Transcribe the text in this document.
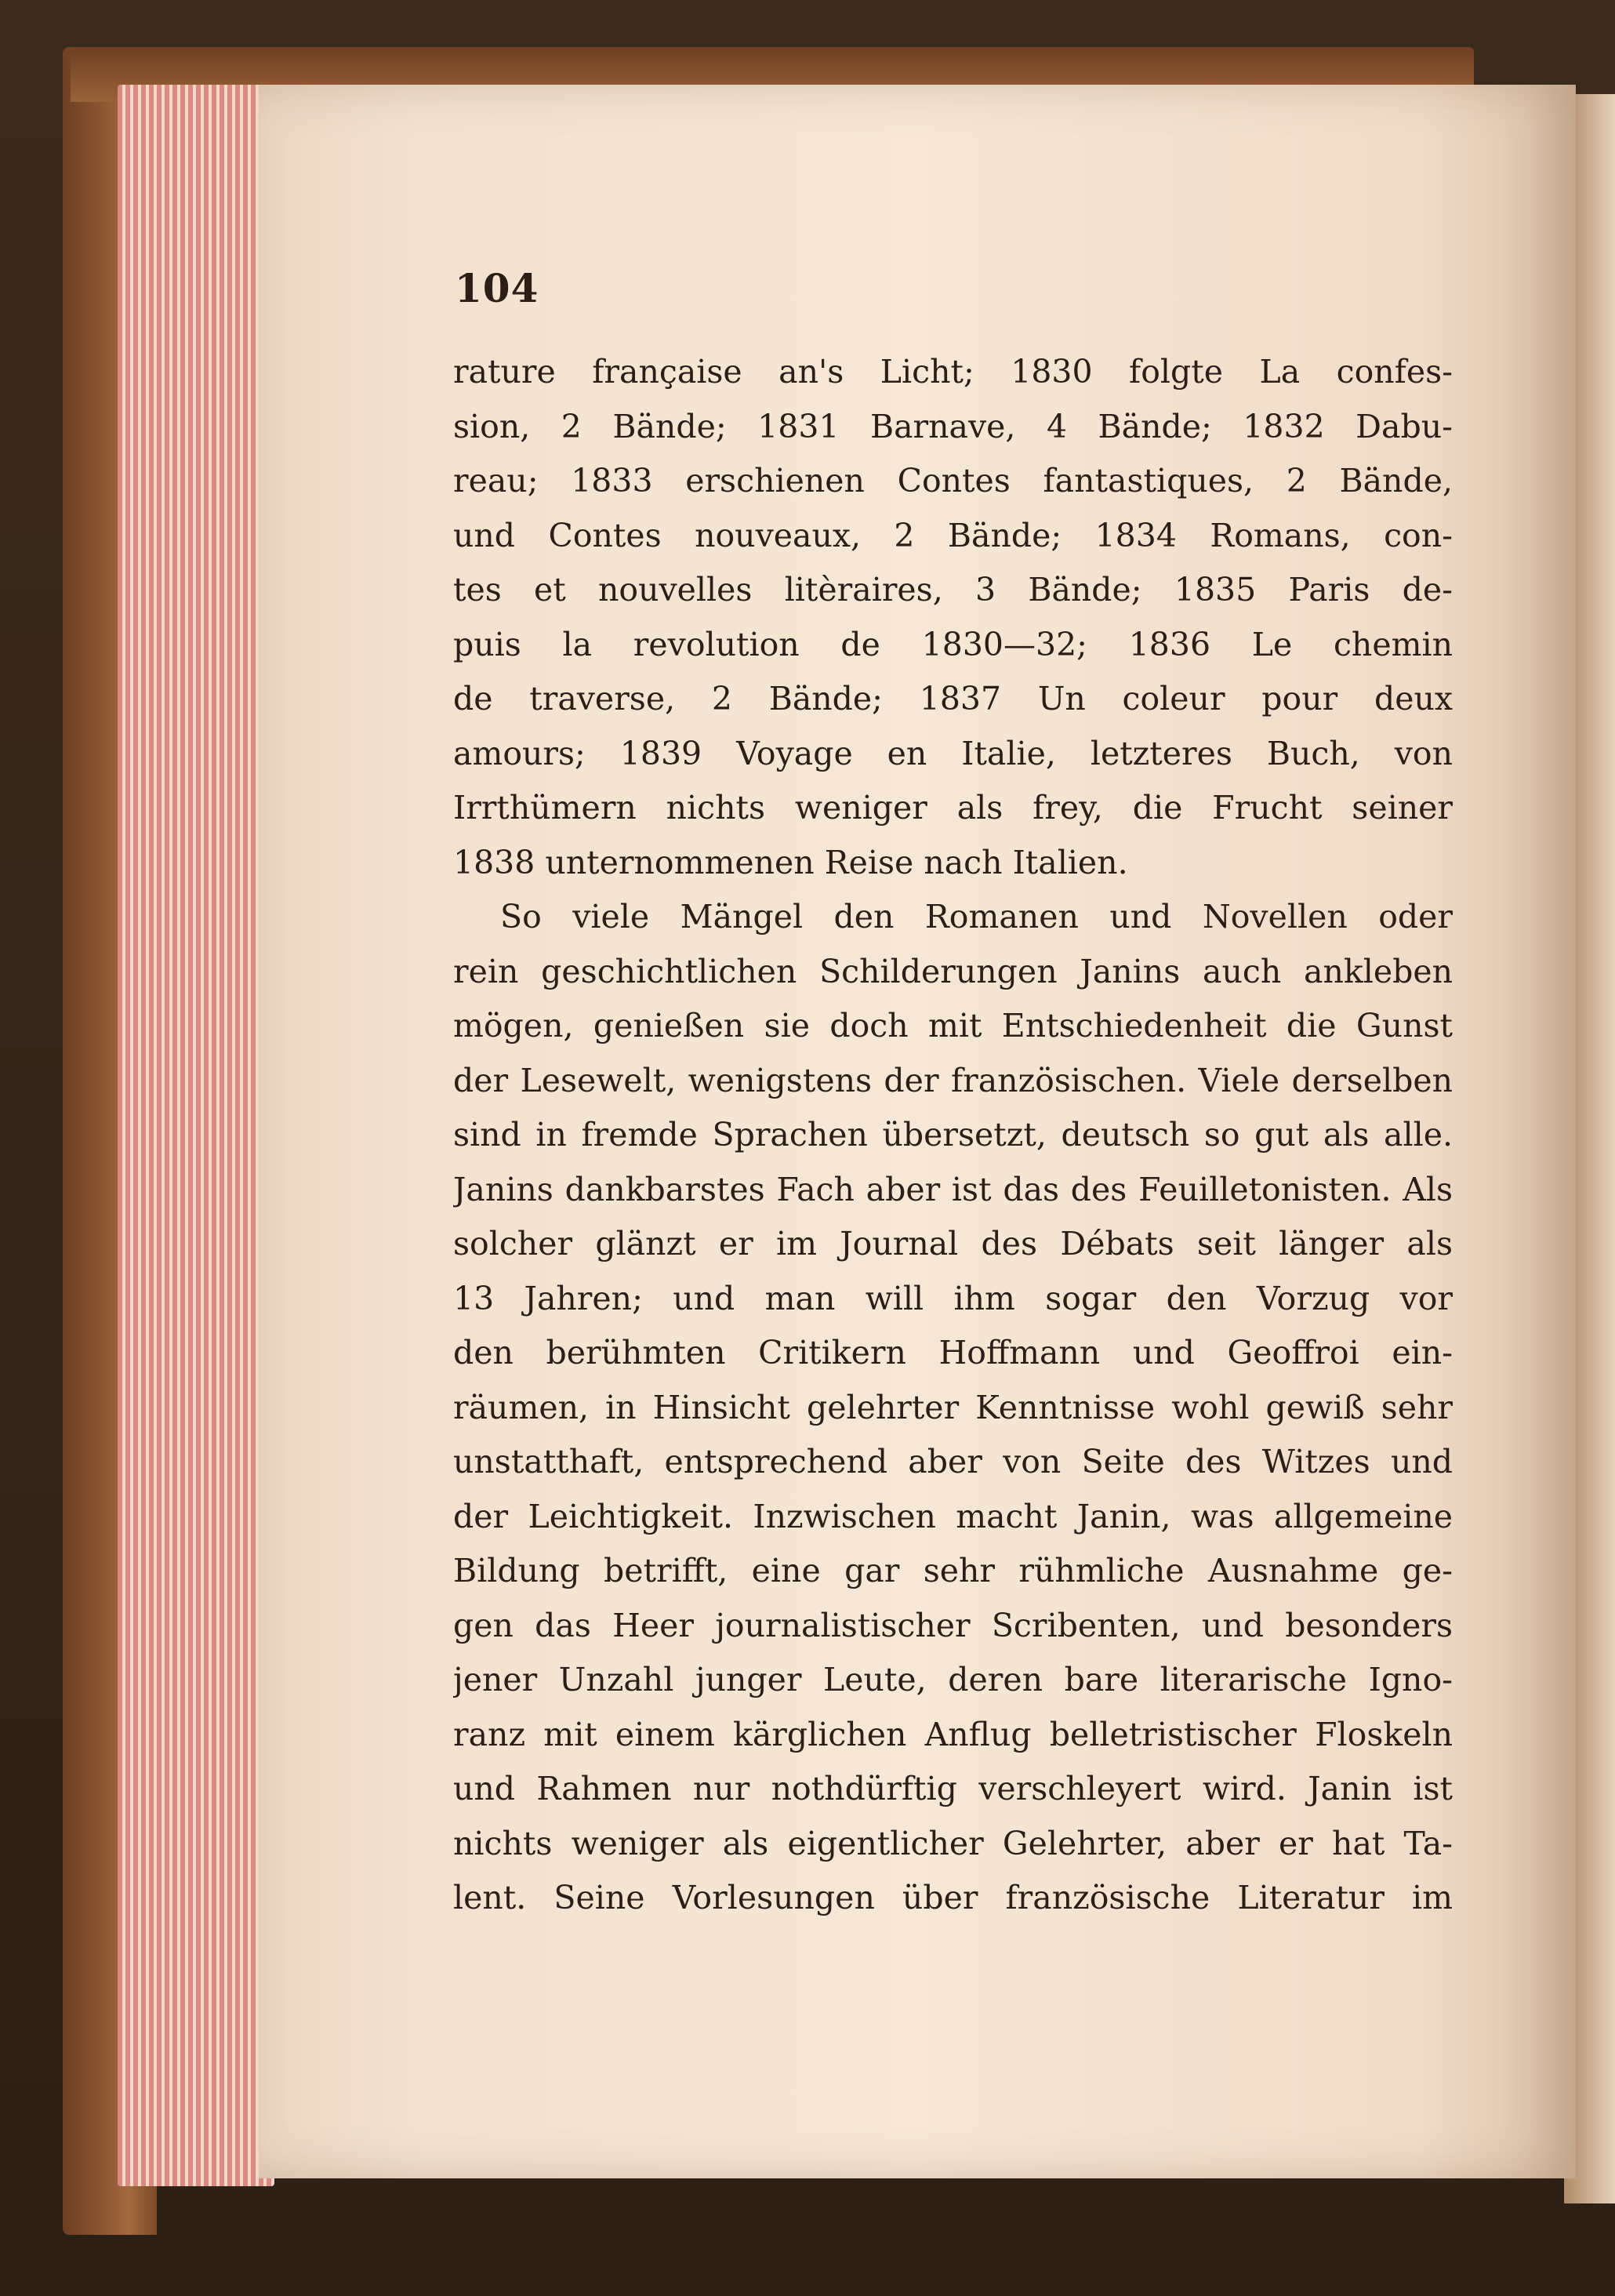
104
rature française an's Licht; 1830 folgte La confes-
sion, 2 Bände; 1831 Barnave, 4 Bände; 1832 Dabu-
reau; 1833 erschienen Contes fantastiques, 2 Bände,
und Contes nouveaux, 2 Bände; 1834 Romans, con-
tes et nouvelles litèraires, 3 Bände; 1835 Paris de-
puis la revolution de 1830—32; 1836 Le chemin
de traverse, 2 Bände; 1837 Un coleur pour deux
amours; 1839 Voyage en Italie, letzteres Buch, von
Irrthümern nichts weniger als frey, die Frucht seiner
1838 unternommenen Reise nach Italien.
So viele Mängel den Romanen und Novellen oder
rein geschichtlichen Schilderungen Janins auch ankleben
mögen, genießen sie doch mit Entschiedenheit die Gunst
der Lesewelt, wenigstens der französischen. Viele derselben
sind in fremde Sprachen übersetzt, deutsch so gut als alle.
Janins dankbarstes Fach aber ist das des Feuilletonisten. Als
solcher glänzt er im Journal des Débats seit länger als
13 Jahren; und man will ihm sogar den Vorzug vor
den berühmten Critikern Hoffmann und Geoffroi ein-
räumen, in Hinsicht gelehrter Kenntnisse wohl gewiß sehr
unstatthaft, entsprechend aber von Seite des Witzes und
der Leichtigkeit. Inzwischen macht Janin, was allgemeine
Bildung betrifft, eine gar sehr rühmliche Ausnahme ge-
gen das Heer journalistischer Scribenten, und besonders
jener Unzahl junger Leute, deren bare literarische Igno-
ranz mit einem kärglichen Anflug belletristischer Floskeln
und Rahmen nur nothdürftig verschleyert wird. Janin ist
nichts weniger als eigentlicher Gelehrter, aber er hat Ta-
lent. Seine Vorlesungen über französische Literatur im
